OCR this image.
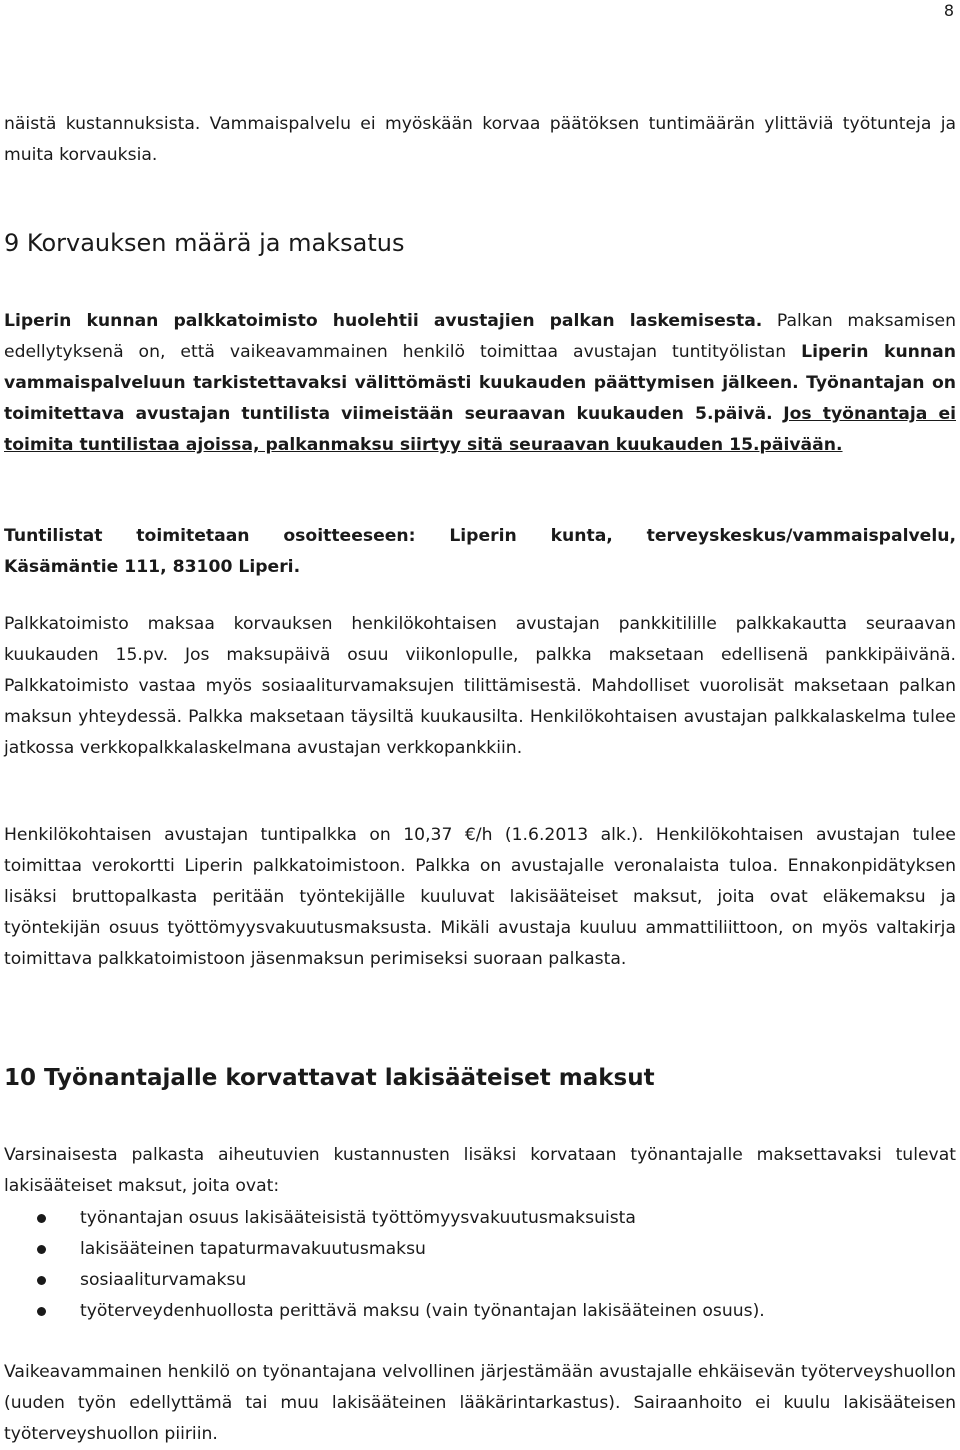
8

näistä kustannuksista. Vammaispalvelu ei myöskään korvaa päätöksen tuntimäärän ylittäviä työtunteja ja muita korvauksia.

9 Korvauksen määrä ja maksatus

Liperin kunnan palkkatoimisto huolehtii avustajien palkan laskemisesta. Palkan maksamisen edellytyksenä on, että vaikeavammainen henkilö toimittaa avustajan tuntityölistan Liperin kunnan vammaispalveluun tarkistettavaksi välittömästi kuukauden päättymisen jälkeen. Työnantajan on toimitettava avustajan tuntilista viimeistään seuraavan kuukauden 5.päivä. Jos työnantaja ei toimita tuntilistaa ajoissa, palkanmaksu siirtyy sitä seuraavan kuukauden 15.päivään.

Tuntilistat toimitetaan osoitteeseen: Liperin kunta, terveyskeskus/vammaispalvelu,

Käsämäntie 111, 83100 Liperi.

Palkkatoimisto maksaa korvauksen henkilökohtaisen avustajan pankkitilille palkkakautta seuraavan kuukauden 15.pv. Jos maksupäivä osuu viikonlopulle, palkka maksetaan edellisenä pankkipäivänä. Palkkatoimisto vastaa myös sosiaaliturvamaksujen tilittämisestä. Mahdolliset vuorolisät maksetaan palkan maksun yhteydessä. Palkka maksetaan täysiltä kuukausilta. Henkilökohtaisen avustajan palkkalaskelma tulee jatkossa verkkopalkkalaskelmana avustajan verkkopankkiin.

Henkilökohtaisen avustajan tuntipalkka on 10,37 €/h (1.6.2013 alk.). Henkilökohtaisen avustajan tulee toimittaa verokortti Liperin palkkatoimistoon. Palkka on avustajalle veronalaista tuloa. Ennakonpidätyksen lisäksi bruttopalkasta peritään työntekijälle kuuluvat lakisääteiset maksut, joita ovat eläkemaksu ja työntekijän osuus työttömyysvakuutusmaksusta. Mikäli avustaja kuuluu ammattiliittoon, on myös valtakirja toimittava palkkatoimistoon jäsenmaksun perimiseksi suoraan palkasta.

10 Työnantajalle korvattavat lakisääteiset maksut

Varsinaisesta palkasta aiheutuvien kustannusten lisäksi korvataan työnantajalle maksettavaksi tulevat lakisääteiset maksut, joita ovat:

työnantajan osuus lakisääteisistä työttömyysvakuutusmaksuista
lakisääteinen tapaturmavakuutusmaksu
sosiaaliturvamaksu
työterveydenhuollosta perittävä maksu (vain työnantajan lakisääteinen osuus).

Vaikeavammainen henkilö on työnantajana velvollinen järjestämään avustajalle ehkäisevän työterveyshuollon (uuden työn edellyttämä tai muu lakisääteinen lääkärintarkastus). Sairaanhoito ei kuulu lakisääteisen työterveyshuollon piiriin.
